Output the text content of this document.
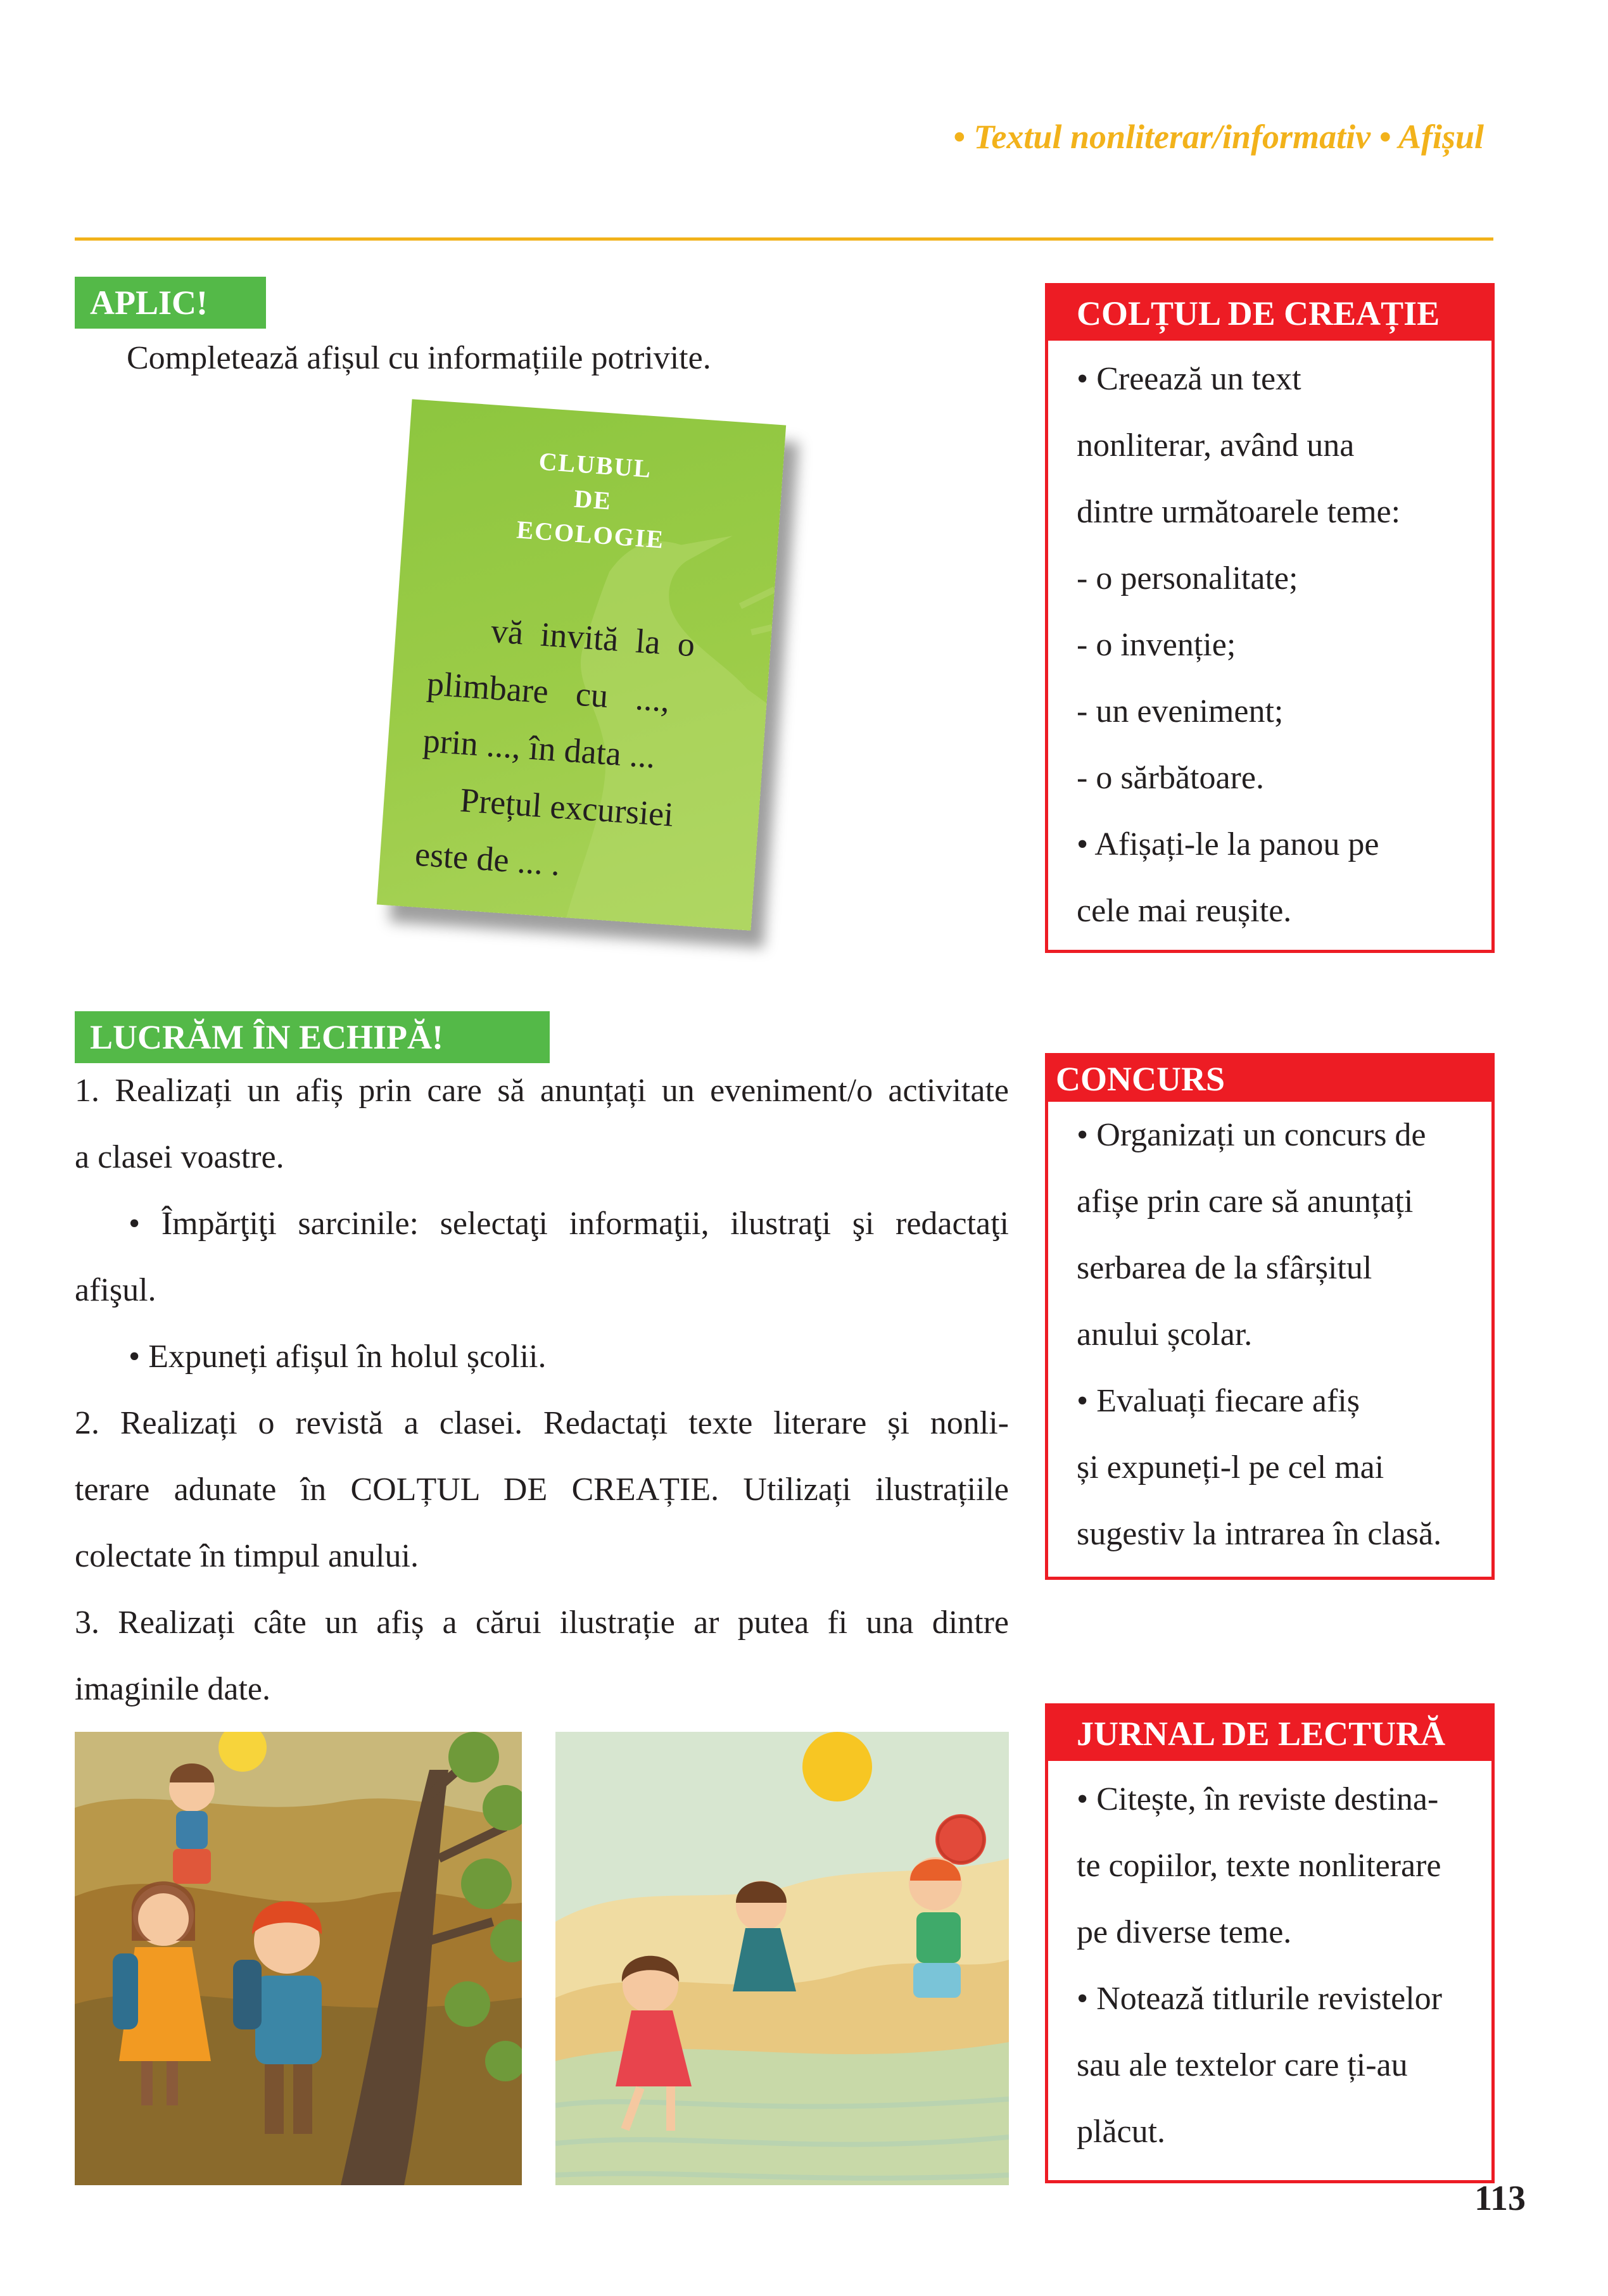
• Textul nonliterar/informativ • Afișul
APLIC!
Completează afișul cu informațiile potrivite.
CLUBUL
DE
ECOLOGIE
vă invită la o
plimbare cu ...,
prin ..., în data ...
Prețul excursiei
este de ... .
LUCRĂM ÎN ECHIPĂ!

1. Realizați un afiș prin care să anunțați un eveniment/o activitate

a clasei voastre.

• Împărţiţi sarcinile: selectaţi informaţii, ilustraţi şi redactaţi

afişul.

• Expuneți afișul în holul școlii.

2. Realizați o revistă a clasei. Redactați texte literare și nonli-

terare adunate în COLȚUL DE CREAȚIE. Utilizați ilustrațiile

colectate în timpul anului.

3. Realizați câte un afiș a cărui ilustrație ar putea fi una dintre

imaginile date.

COLȚUL DE CREAȚIE
• Creează un text
nonliterar, având una
dintre următoarele teme:
- o personalitate;
- o invenție;
- un eveniment;
- o sărbătoare.
• Afișați-le la panou pe
cele mai reușite.
CONCURS
• Organizați un concurs de
afișe prin care să anunțați
serbarea de la sfârșitul
anului școlar.
• Evaluați fiecare afiș
și expuneți-l pe cel mai
sugestiv la intrarea în clasă.
JURNAL DE LECTURĂ
• Citește, în reviste destina-
te copiilor, texte nonliterare
pe diverse teme.
• Notează titlurile revistelor
sau ale textelor care ți-au
plăcut.
113
